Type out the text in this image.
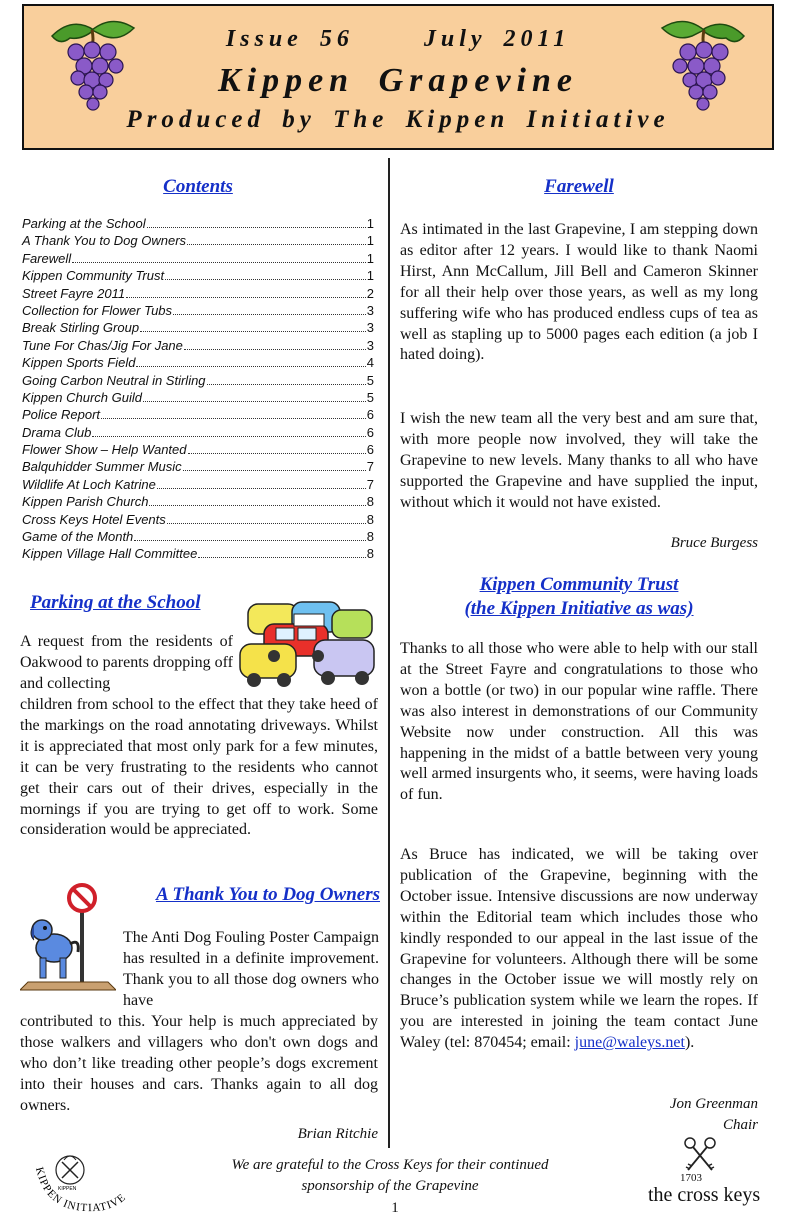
Issue 56	July 2011
Kippen Grapevine
Produced by The Kippen Initiative
Contents
Parking at the School	1
A Thank You to Dog Owners	1
Farewell	1
Kippen Community Trust	1
Street Fayre 2011	2
Collection for Flower Tubs	3
Break Stirling Group	3
Tune For Chas/Jig For Jane	3
Kippen Sports Field	4
Going Carbon Neutral in Stirling	5
Kippen Church Guild	5
Police Report	6
Drama Club	6
Flower Show – Help Wanted	6
Balquhidder Summer Music	7
Wildlife At Loch Katrine	7
Kippen Parish Church	8
Cross Keys Hotel Events	8
Game of the Month	8
Kippen Village Hall Committee	8
Parking at the School
A request from the residents of Oakwood to parents dropping off and collecting
children from school to the effect that they take heed of the markings on the road annotating driveways. Whilst it is appreciated that most only park for a few minutes, it can be very frustrating to the residents who cannot get their cars out of their drives, especially in the mornings if you are trying to get off to work. Some consideration would be appreciated.
A Thank You to Dog Owners
The Anti Dog Fouling Poster Campaign has resulted in a definite improvement. Thank you to all those dog owners who have
contributed to this. Your help is much appreciated by those walkers and villagers who don't own dogs and who don’t like treading other people’s dogs excrement into their houses and cars. Thanks again to all dog owners.
Brian Ritchie
Farewell
As intimated in the last Grapevine, I am stepping down as editor after 12 years. I would like to thank Naomi Hirst, Ann McCallum, Jill Bell and Cameron Skinner for all their help over those years, as well as my long suffering wife who has produced endless cups of tea as well as stapling up to 5000 pages each edition (a job I hated doing).
I wish the new team all the very best and am sure that, with more people now involved, they will take the Grapevine to new levels. Many thanks to all who have supported the Grapevine and have supplied the input, without which it would not have existed.
Bruce Burgess
Kippen Community Trust
(the Kippen Initiative as was)
Thanks to all those who were able to help with our stall at the Street Fayre and congratulations to those who won a bottle (or two) in our popular wine raffle. There was also interest in demonstrations of our Community Website now under construction. All this was happening in the midst of a battle between very young well armed insurgents who, it seems, were having loads of fun.
As Bruce has indicated, we will be taking over publication of the Grapevine, beginning with the October issue. Intensive discussions are now underway within the Editorial team which includes those who kindly responded to our appeal in the last issue of the Grapevine for volunteers. Although there will be some changes in the October issue we will mostly rely on Bruce’s publication system while we learn the ropes. If you are interested in joining the team contact June Waley (tel: 870454; email: june@waleys.net).
Jon Greenman
Chair
KIPPEN
KIPPEN INITIATIVE
We are grateful to the Cross Keys for their continued
sponsorship of the Grapevine
1
1703
the cross keys
